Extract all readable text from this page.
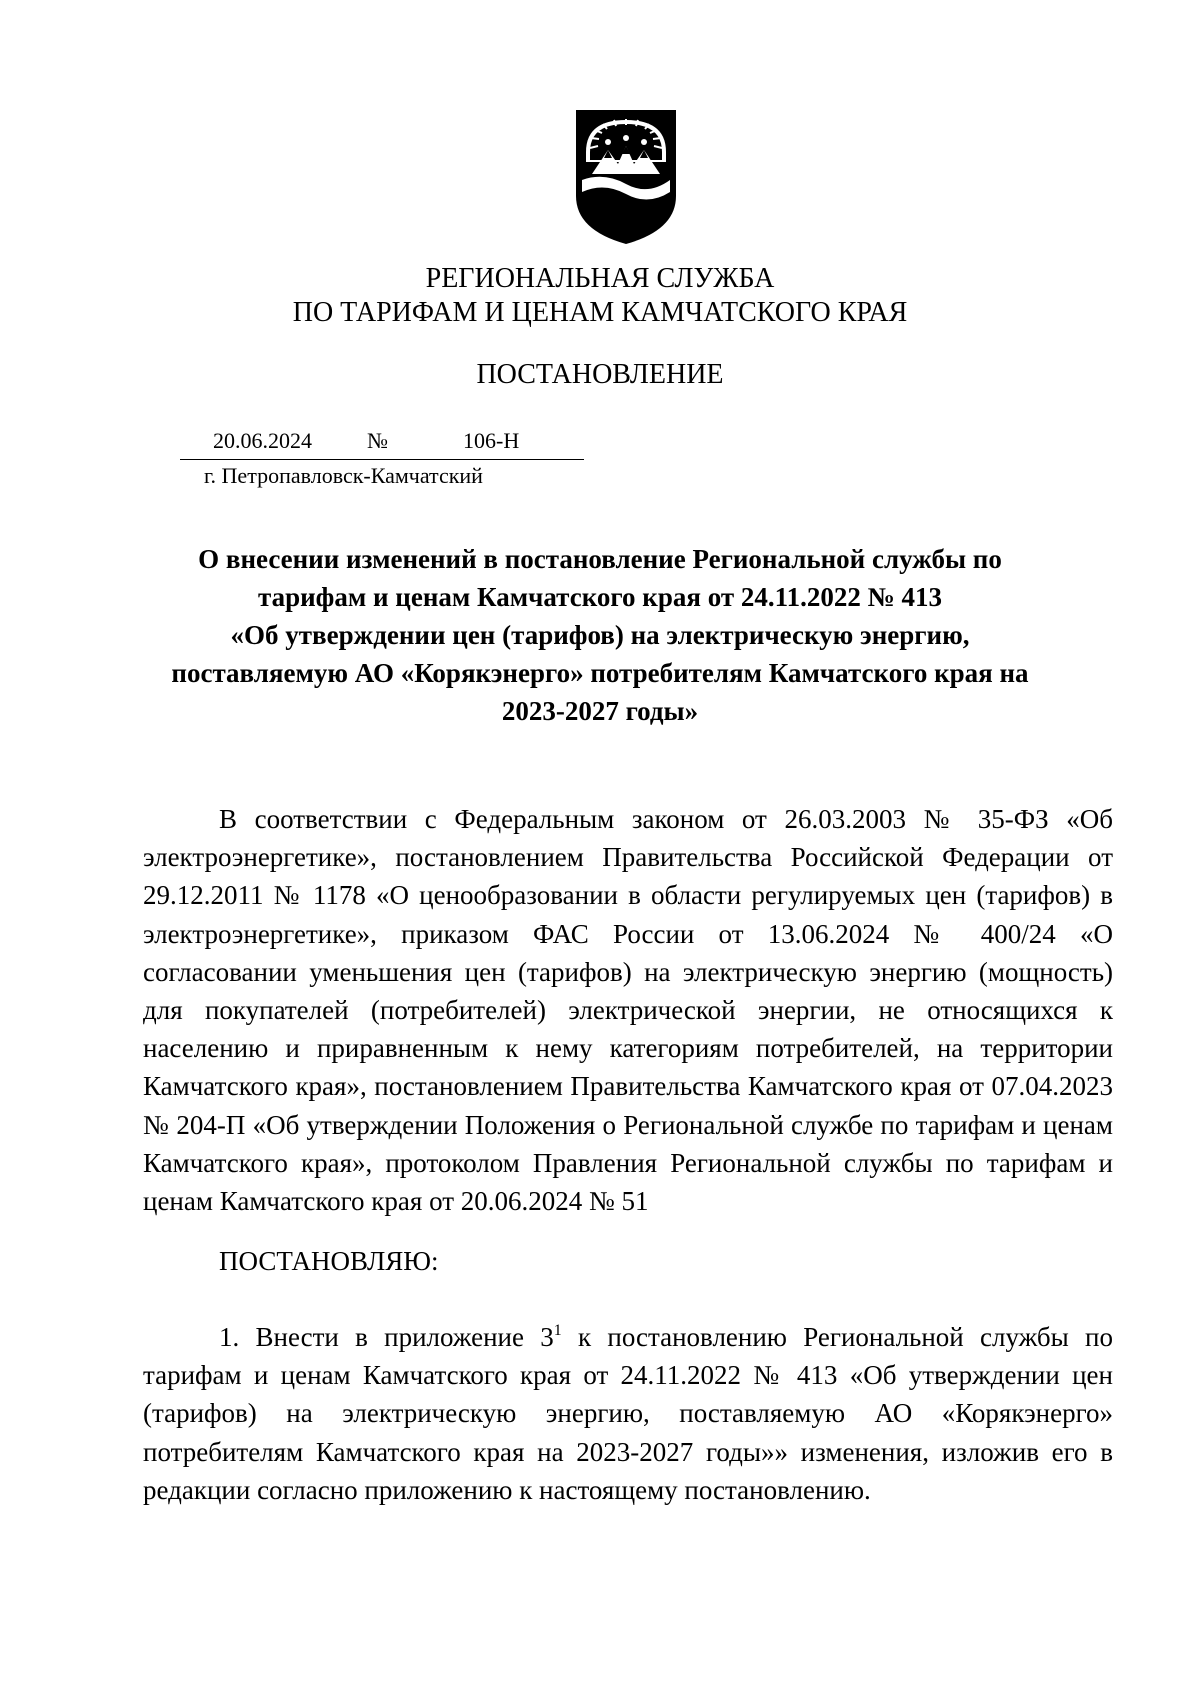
РЕГИОНАЛЬНАЯ СЛУЖБА
ПО ТАРИФАМ И ЦЕНАМ КАМЧАТСКОГО КРАЯ
ПОСТАНОВЛЕНИЕ
20.06.2024	№	106-Н
г. Петропавловск-Камчатский
О внесении изменений в постановление Региональной службы по
тарифам и ценам Камчатского края от 24.11.2022 № 413
«Об утверждении цен (тарифов) на электрическую энергию,
поставляемую АО «Корякэнерго» потребителям Камчатского края на
2023-2027 годы»

В соответствии с Федеральным законом от 26.03.2003 № 35-ФЗ «Об электроэнергетике», постановлением Правительства Российской Федерации от 29.12.2011 № 1178 «О ценообразовании в области регулируемых цен (тарифов) в электроэнергетике», приказом ФАС России от 13.06.2024 № 400/24 «О согласовании уменьшения цен (тарифов) на электрическую энергию (мощность) для покупателей (потребителей) электрической энергии, не относящихся к населению и приравненным к нему категориям потребителей, на территории Камчатского края», постановлением Правительства Камчатского края от 07.04.2023 № 204-П «Об утверждении Положения о Региональной службе по тарифам и ценам Камчатского края», протоколом Правления Региональной службы по тарифам и ценам Камчатского края от 20.06.2024 № 51

ПОСТАНОВЛЯЮ:

1. Внести в приложение $3^1$ к постановлению Региональной службы по тарифам и ценам Камчатского края от 24.11.2022 № 413 «Об утверждении цен (тарифов) на электрическую энергию, поставляемую АО «Корякэнерго» потребителям Камчатского края на 2023-2027 годы»» изменения, изложив его в редакции согласно приложению к настоящему постановлению.
